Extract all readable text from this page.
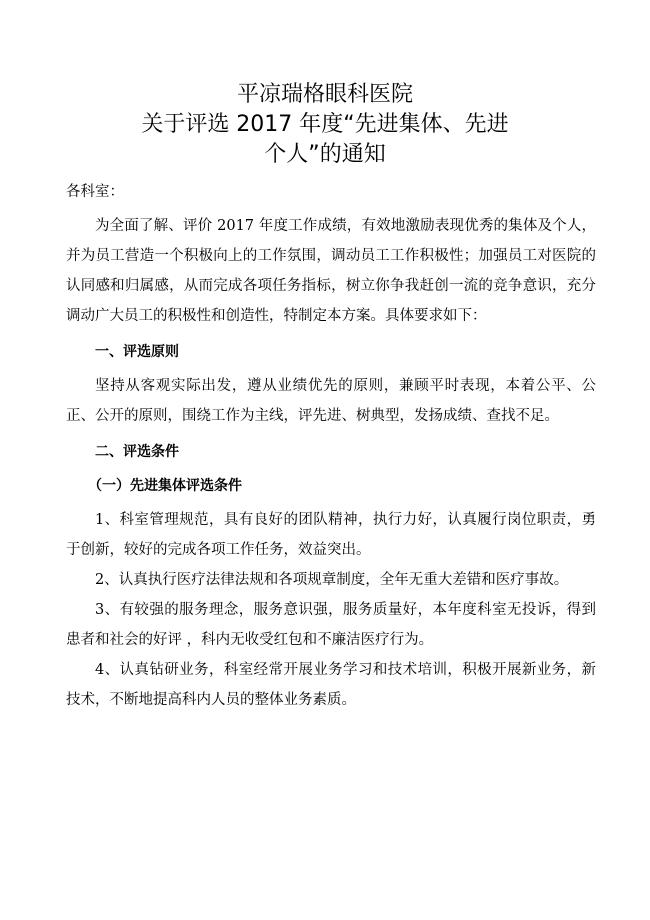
平凉瑞格眼科医院
关于评选 2017 年度“先进集体、先进
个人”的通知

各科室：

为全面了解、评价 2017 年度工作成绩，有效地激励表现优秀的集体及个人，并为员工营造一个积极向上的工作氛围，调动员工工作积极性；加强员工对医院的认同感和归属感，从而完成各项任务指标，树立你争我赶创一流的竞争意识，充分调动广大员工的积极性和创造性，特制定本方案。具体要求如下：

一、评选原则

坚持从客观实际出发，遵从业绩优先的原则，兼顾平时表现，本着公平、公正、公开的原则，围绕工作为主线，评先进、树典型，发扬成绩、查找不足。

二、评选条件

（一）先进集体评选条件

1、科室管理规范，具有良好的团队精神，执行力好，认真履行岗位职责，勇于创新，较好的完成各项工作任务，效益突出。

2、认真执行医疗法律法规和各项规章制度，全年无重大差错和医疗事故。

3、有较强的服务理念，服务意识强，服务质量好，本年度科室无投诉，得到患者和社会的好评 ，科内无收受红包和不廉洁医疗行为。

4、认真钻研业务，科室经常开展业务学习和技术培训，积极开展新业务，新技术，不断地提高科内人员的整体业务素质。
